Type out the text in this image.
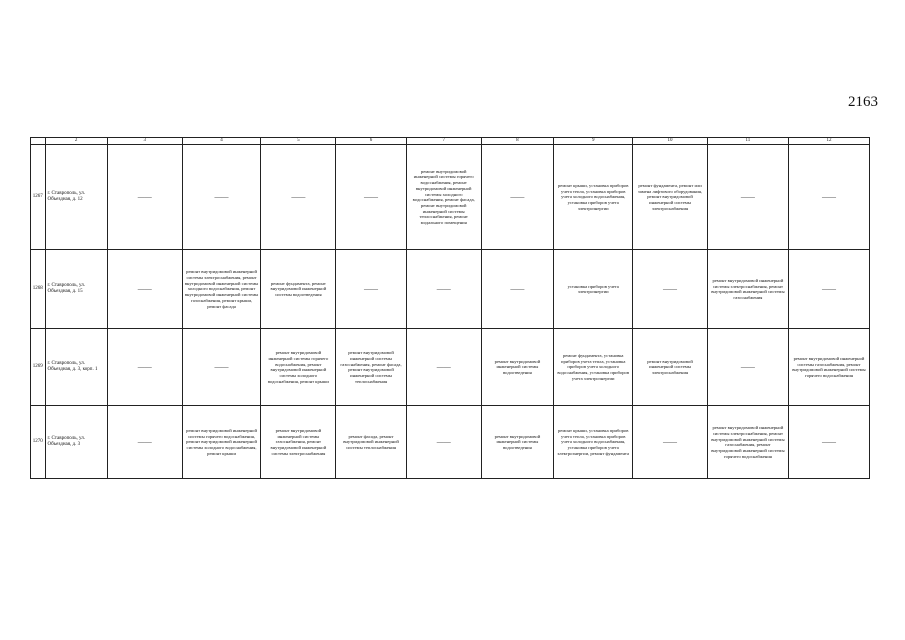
2163
	2	3	4	5	6	7	8	9	10	11	12
1267	г. Ставрополь, ул. Объездная, д. 12	——	——	——	——	ремонт внутридомовой инженерной системы горячего водоснабжения, ремонт внутридомовой инженерной системы холодного водоснабжения, ремонт фасада, ремонт внутридомовой инженерной системы теплоснабжения, ремонт модального помещения	——	ремонт крыши, установка приборов учета тепла, установка приборов учета холодного водоснабжения, установка приборов учета электроэнергии	ремонт фундамента, ремонт или замена лифтового оборудования, ремонт внутридомовой инженерной системы электроснабжения	——	——
1268	г. Ставрополь, ул. Объездная, д. 15	——	ремонт внутридомовой инженерной системы электроснабжения, ремонт внутридомовой инженерной системы холодного водоснабжения, ремонт внутридомовой инженерной системы газоснабжения, ремонт крыши, ремонт фасада	ремонт фундамента, ремонт внутридомовой инженерной системы водоотведения	——	——	——	установка приборов учета электроэнергии	——	ремонт внутридомовой инженерной системы электроснабжения, ремонт внутридомовой инженерной системы газоснабжения	——
1269	г. Ставрополь, ул. Объездная, д. 3, корп. 1	——	——	ремонт внутридомовой инженерной системы горячего водоснабжения, ремонт внутридомовой инженерной системы холодного водоснабжения, ремонт крыши	ремонт внутридомовой инженерной системы газоснабжения, ремонт фасада, ремонт внутридомовой инженерной системы теплоснабжения	——	ремонт внутридомовой инженерной системы водоотведения	ремонт фундамента, установка приборов учета тепла, установка приборов учета холодного водоснабжения, установка приборов учета электроэнергии	ремонт внутридомовой инженерной системы электроснабжения	——	ремонт внутридомовой инженерной системы газоснабжения, ремонт внутридомовой инженерной системы горячего водоснабжения
1270	г. Ставрополь, ул. Объездная, д. 3	——	ремонт внутридомовой инженерной системы горячего водоснабжения, ремонт внутридомовой инженерной системы холодного водоснабжения, ремонт крыши	ремонт внутридомовой инженерной системы газоснабжения, ремонт внутридомовой инженерной системы электроснабжения	ремонт фасада, ремонт внутридомовой инженерной системы теплоснабжения	——	ремонт внутридомовой инженерной системы водоотведения	ремонт крыши, установка приборов учета тепла, установка приборов учета холодного водоснабжения, установка приборов учета электроэнергии, ремонт фундамента	——	ремонт внутридомовой инженерной системы электроснабжения, ремонт внутридомовой инженерной системы газоснабжения, ремонт внутридомовой инженерной системы горячего водоснабжения	——
